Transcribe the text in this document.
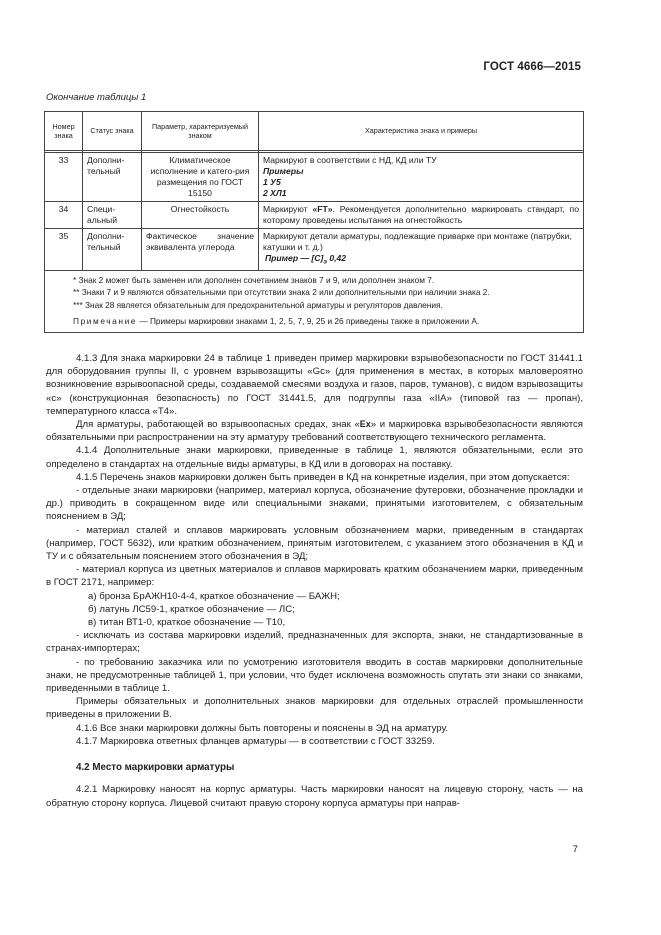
ГОСТ 4666—2015
Окончание таблицы 1
Номер знака	Статус знака	Параметр, характеризуемый знаком	Характеристика знака и примеры

33	Дополни-тельный	Климатическое исполнение и катего-рия размещения по ГОСТ 15150	Маркируют в соответствии с НД, КД или ТУ
Примеры
1 У5
2 ХЛ1

34	Специ-альный	Огнестойкость	Маркируют «FT». Рекомендуется дополнительно маркировать стандарт, по которому проведены испытания на огнестойкость
35	Дополни-тельный	Фактическое значение эквивалента углерода	Маркируют детали арматуры, подлежащие приварке при монтаже (патрубки, катушки и т. д.)
Пример — $[С]_э$ 0,42

* Знак 2 может быть заменен или дополнен сочетанием знаков 7 и 9, или дополнен знаком 7.
** Знаки 7 и 9 являются обязательными при отсутствии знака 2 или дополнительными при наличии знака 2.
*** Знак 28 является обязательным для предохранительной арматуры и регуляторов давления.
Примечание — Примеры маркировки знаками 1, 2, 5, 7, 9, 25 и 26 приведены также в приложении А.			

4.1.3 Для знака маркировки 24 в таблице 1 приведен пример маркировки взрывобезопасности по ГОСТ 31441.1 для оборудования группы II, с уровнем взрывозащиты «Gc» (для применения в местах, в которых маловероятно возникновение взрывоопасной среды, создаваемой смесями воздуха и газов, паров, туманов), с видом взрывозащиты «c» (конструкционная безопасность) по ГОСТ 31441.5, для подгруппы газа «IIA» (типовой газ — пропан), температурного класса «Т4».

Для арматуры, работающей во взрывоопасных средах, знак «Ex» и маркировка взрывобезопасности являются обязательными при распространении на эту арматуру требований соответствующего технического регламента.

4.1.4 Дополнительные знаки маркировки, приведенные в таблице 1, являются обязательными, если это определено в стандартах на отдельные виды арматуры, в КД или в договорах на поставку.

4.1.5 Перечень знаков маркировки должен быть приведен в КД на конкретные изделия, при этом допускается:

- отдельные знаки маркировки (например, материал корпуса, обозначение футеровки, обозначение прокладки и др.) приводить в сокращенном виде или специальными знаками, принятыми изготовителем, с обязательным пояснением в ЭД;

- материал сталей и сплавов маркировать условным обозначением марки, приведенным в стандартах (например, ГОСТ 5632), или кратким обозначением, принятым изготовителем, с указанием этого обозначения в КД и ТУ и с обязательным пояснением этого обозначения в ЭД;

- материал корпуса из цветных материалов и сплавов маркировать кратким обозначением марки, приведенным в ГОСТ 2171, например:

а) бронза БрАЖН10-4-4, краткое обозначение — БАЖН;

б) латунь ЛС59-1, краткое обозначение — ЛС;

в) титан ВТ1-0, краткое обозначение — Т10,

- исключать из состава маркировки изделий, предназначенных для экспорта, знаки, не стандартизованные в странах-импортерах;

- по требованию заказчика или по усмотрению изготовителя вводить в состав маркировки дополнительные знаки, не предусмотренные таблицей 1, при условии, что будет исключена возможность спутать эти знаки со знаками, приведенными в таблице 1.

Примеры обязательных и дополнительных знаков маркировки для отдельных отраслей промышленности приведены в приложении В.

4.1.6 Все знаки маркировки должны быть повторены и пояснены в ЭД на арматуру.

4.1.7 Маркировка ответных фланцев арматуры — в соответствии с ГОСТ 33259.

4.2 Место маркировки арматуры

4.2.1 Маркировку наносят на корпус арматуры. Часть маркировки наносят на лицевую сторону, часть — на обратную сторону корпуса. Лицевой считают правую сторону корпуса арматуры при направ-

7
